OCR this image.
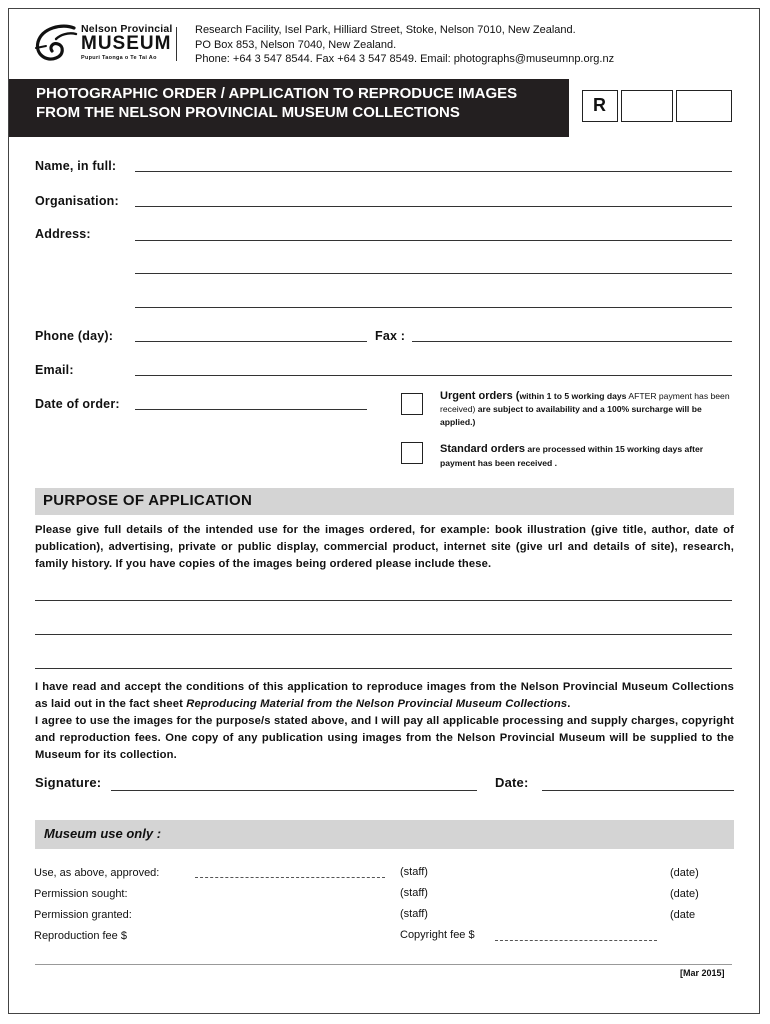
Nelson Provincial
MUSEUM
Pupuri Taonga o Te Tai Ao
Research Facility, Isel Park, Hilliard Street, Stoke, Nelson 7010, New Zealand.
PO Box 853, Nelson 7040, New Zealand.
Phone: +64 3 547 8544. Fax +64 3 547 8549. Email: photographs@museumnp.org.nz
PHOTOGRAPHIC ORDER / APPLICATION TO REPRODUCE IMAGES
FROM THE NELSON PROVINCIAL MUSEUM COLLECTIONS	R
Name, in full:
Organisation:
Address:
Phone (day):	Fax :
Email:
Date of order:
Urgent orders (within 1 to 5 working days AFTER payment has been received) are subject to availability and a 100% surcharge will be applied.)
Standard orders are processed within 15 working days after payment has been received .
PURPOSE OF APPLICATION
Please give full details of the intended use for the images ordered, for example: book illustration (give title, author, date of publication), advertising, private or public display, commercial product, internet site (give url and details of site), research, family history. If you have copies of the images being ordered please include these.
I have read and accept the conditions of this application to reproduce images from the Nelson Provincial Museum Collections as laid out in the fact sheet Reproducing Material from the Nelson Provincial Museum Collections.
I agree to use the images for the purpose/s stated above, and I will pay all applicable processing and supply charges, copyright and reproduction fees. One copy of any publication using images from the Nelson Provincial Museum will be supplied to the Museum for its collection.
Signature:	Date:
Museum use only :
Use, as above, approved:	(staff)	(date)
Permission sought:	(staff)	(date)
Permission granted:	(staff)	(date
Reproduction fee $	Copyright fee $
[Mar 2015]
